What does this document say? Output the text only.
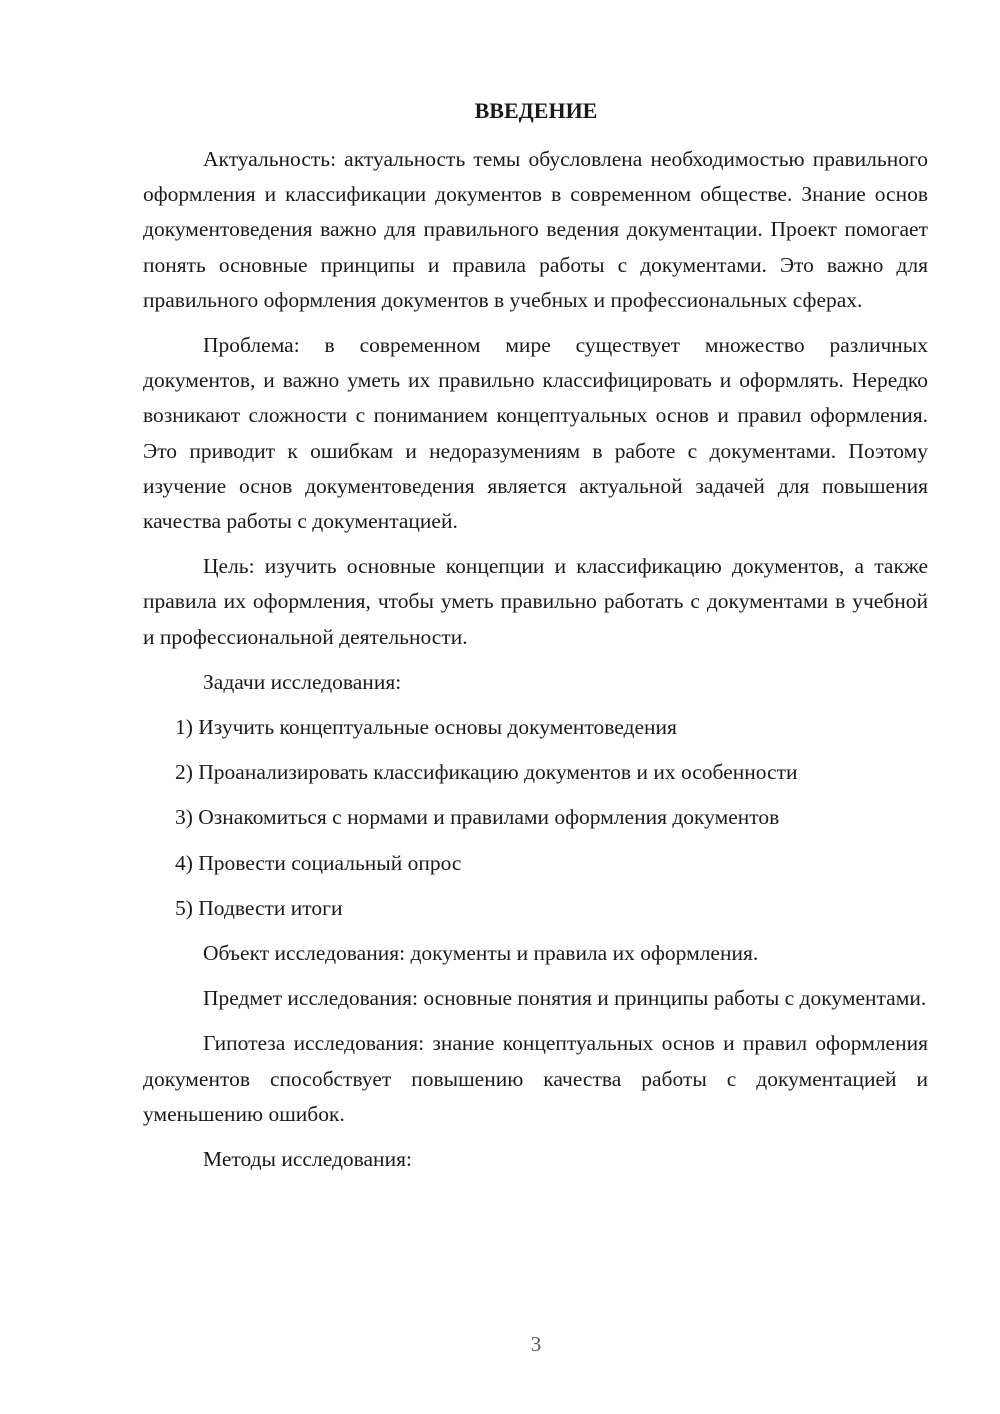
ВВЕДЕНИЕ

Актуальность: актуальность темы обусловлена необходимостью правильного оформления и классификации документов в современном обществе. Знание основ документоведения важно для правильного ведения документации. Проект помогает понять основные принципы и правила работы с документами. Это важно для правильного оформления документов в учебных и профессиональных сферах.

Проблема: в современном мире существует множество различных документов, и важно уметь их правильно классифицировать и оформлять. Нередко возникают сложности с пониманием концептуальных основ и правил оформления. Это приводит к ошибкам и недоразумениям в работе с документами. Поэтому изучение основ документоведения является актуальной задачей для повышения качества работы с документацией.

Цель: изучить основные концепции и классификацию документов, а также правила их оформления, чтобы уметь правильно работать с документами в учебной и профессиональной деятельности.

Задачи исследования:

1) Изучить концептуальные основы документоведения
2) Проанализировать классификацию документов и их особенности
3) Ознакомиться с нормами и правилами оформления документов
4) Провести социальный опрос
5) Подвести итоги

Объект исследования: документы и правила их оформления.

Предмет исследования: основные понятия и принципы работы с документами.

Гипотеза исследования: знание концептуальных основ и правил оформления документов способствует повышению качества работы с документацией и уменьшению ошибок.

Методы исследования:

3
